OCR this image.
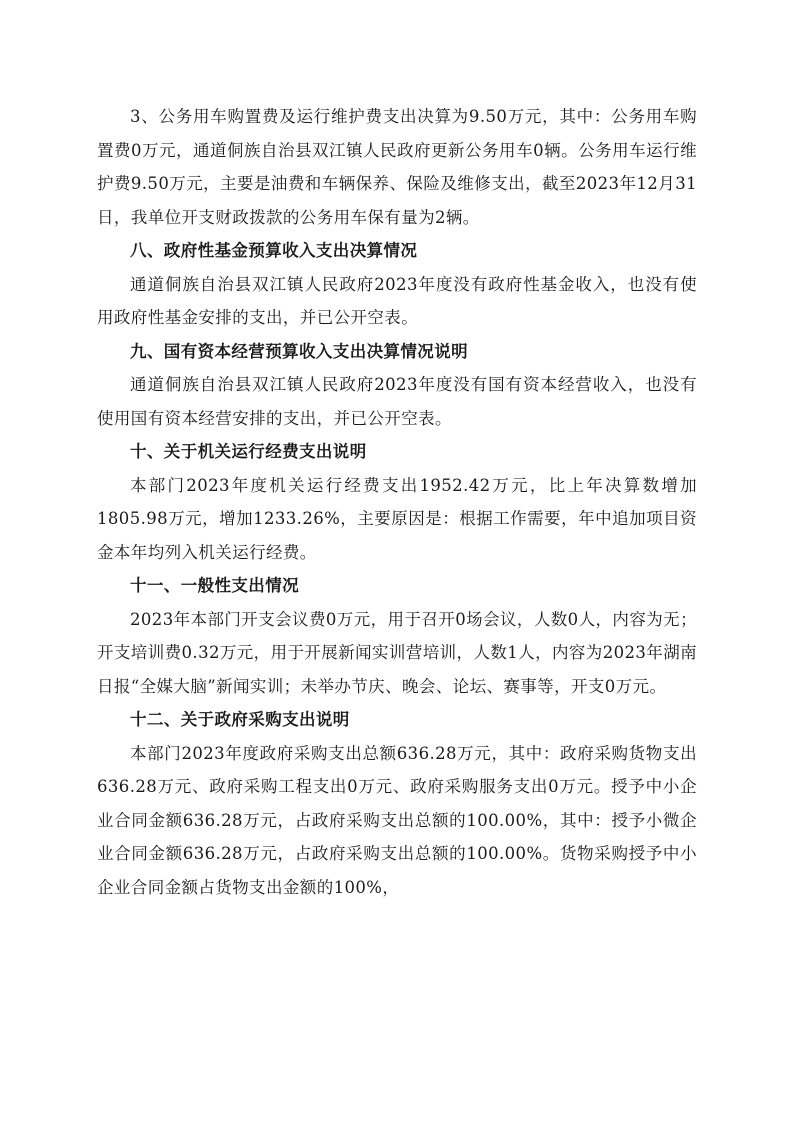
3、公务用车购置费及运行维护费支出决算为9.50万元，其中：公务用车购置费0万元，通道侗族自治县双江镇人民政府更新公务用车0辆。公务用车运行维护费9.50万元，主要是油费和车辆保养、保险及维修支出，截至2023年12月31日，我单位开支财政拨款的公务用车保有量为2辆。

八、政府性基金预算收入支出决算情况

通道侗族自治县双江镇人民政府2023年度没有政府性基金收入，也没有使用政府性基金安排的支出，并已公开空表。

九、国有资本经营预算收入支出决算情况说明

通道侗族自治县双江镇人民政府2023年度没有国有资本经营收入，也没有使用国有资本经营安排的支出，并已公开空表。

十、关于机关运行经费支出说明

本部门2023年度机关运行经费支出1952.42万元，比上年决算数增加1805.98万元，增加1233.26%，主要原因是：根据工作需要，年中追加项目资金本年均列入机关运行经费。

十一、一般性支出情况

2023年本部门开支会议费0万元，用于召开0场会议，人数0人，内容为无；开支培训费0.32万元，用于开展新闻实训营培训，人数1人，内容为2023年湖南日报“全媒大脑”新闻实训；未举办节庆、晚会、论坛、赛事等，开支0万元。

十二、关于政府采购支出说明

本部门2023年度政府采购支出总额636.28万元，其中：政府采购货物支出636.28万元、政府采购工程支出0万元、政府采购服务支出0万元。授予中小企业合同金额636.28万元，占政府采购支出总额的100.00%，其中：授予小微企业合同金额636.28万元，占政府采购支出总额的100.00%。货物采购授予中小企业合同金额占货物支出金额的100%，
